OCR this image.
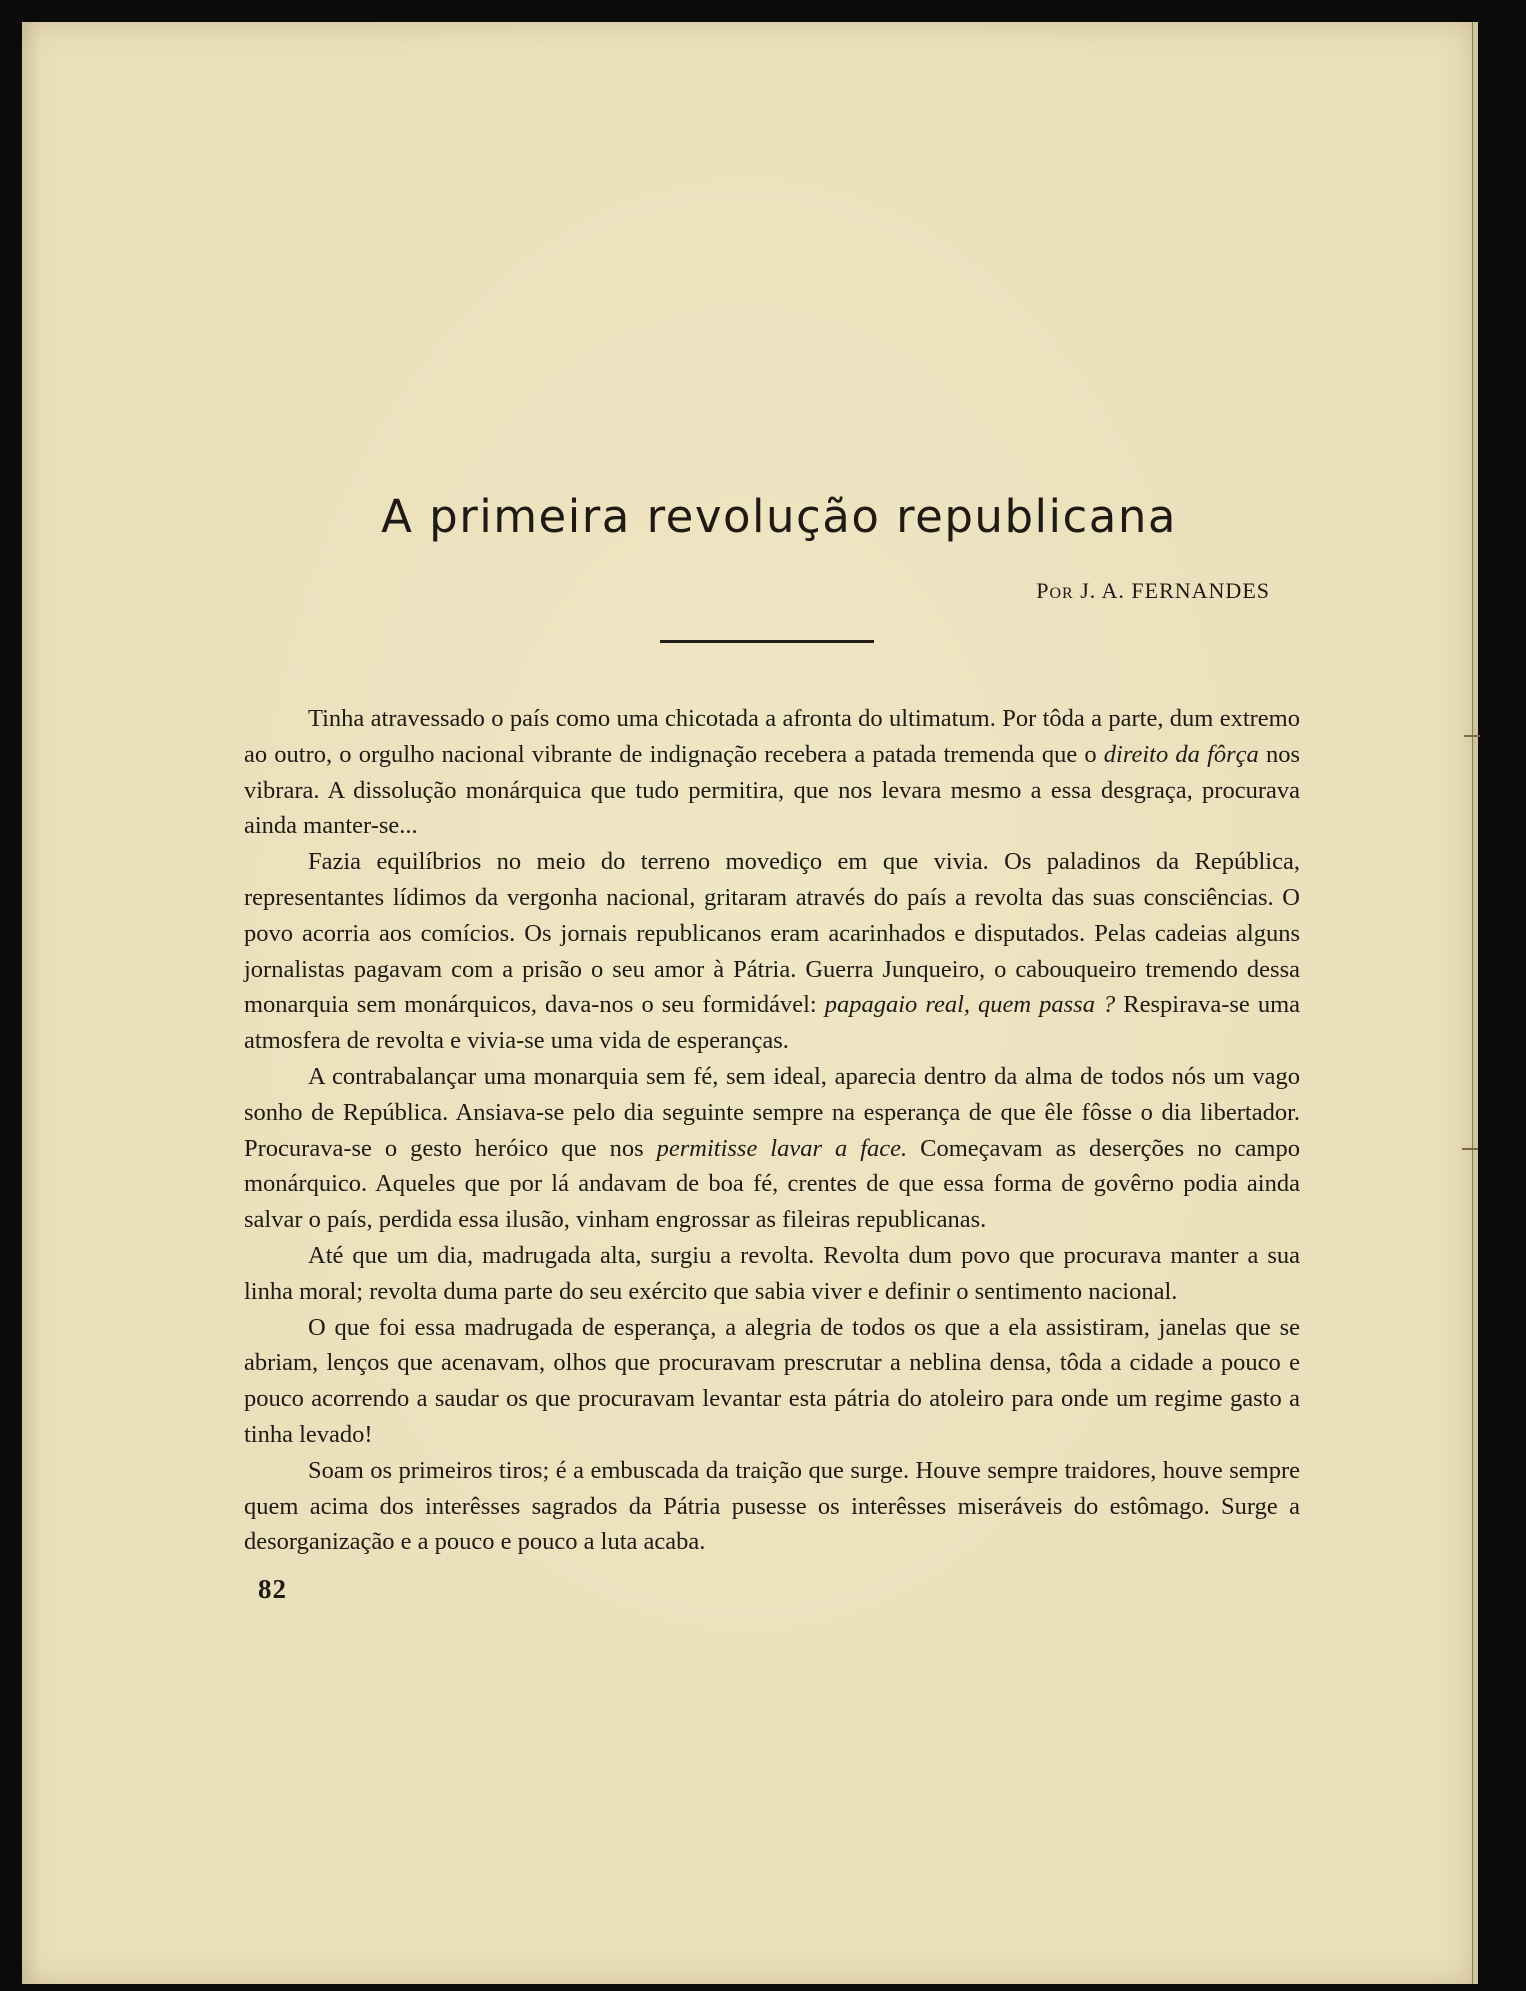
A primeira revolução republicana
POR J. A. FERNANDES

Tinha atravessado o país como uma chicotada a afronta do ultimatum. Por tôda a parte, dum extremo ao outro, o orgulho nacional vibrante de indignação recebera a patada tremenda que o direito da fôrça nos vibrara. A dissolução monárquica que tudo permitira, que nos levara mesmo a essa desgraça, procurava ainda manter-se...

Fazia equilíbrios no meio do terreno movediço em que vivia. Os paladinos da República, representantes lídimos da vergonha nacional, gritaram através do país a revolta das suas consciências. O povo acorria aos comícios. Os jornais republicanos eram acarinhados e disputados. Pelas cadeias alguns jornalistas pagavam com a prisão o seu amor à Pátria. Guerra Junqueiro, o cabouqueiro tremendo dessa monarquia sem monárquicos, dava-nos o seu formidável: papagaio real, quem passa ? Respirava-se uma atmosfera de revolta e vivia-se uma vida de esperanças.

A contrabalançar uma monarquia sem fé, sem ideal, aparecia dentro da alma de todos nós um vago sonho de República. Ansiava-se pelo dia seguinte sempre na esperança de que êle fôsse o dia libertador. Procurava-se o gesto heróico que nos permitisse lavar a face. Começavam as deserções no campo monárquico. Aqueles que por lá andavam de boa fé, crentes de que essa forma de govêrno podia ainda salvar o país, perdida essa ilusão, vinham engrossar as fileiras republicanas.

Até que um dia, madrugada alta, surgiu a revolta. Revolta dum povo que procurava manter a sua linha moral; revolta duma parte do seu exército que sabia viver e definir o sentimento nacional.

O que foi essa madrugada de esperança, a alegria de todos os que a ela assistiram, janelas que se abriam, lenços que acenavam, olhos que procuravam prescrutar a neblina densa, tôda a cidade a pouco e pouco acorrendo a saudar os que procuravam levantar esta pátria do atoleiro para onde um regime gasto a tinha levado!

Soam os primeiros tiros; é a embuscada da traição que surge. Houve sempre traidores, houve sempre quem acima dos interêsses sagrados da Pátria pusesse os interêsses miseráveis do estômago. Surge a desorganização e a pouco e pouco a luta acaba.

82
